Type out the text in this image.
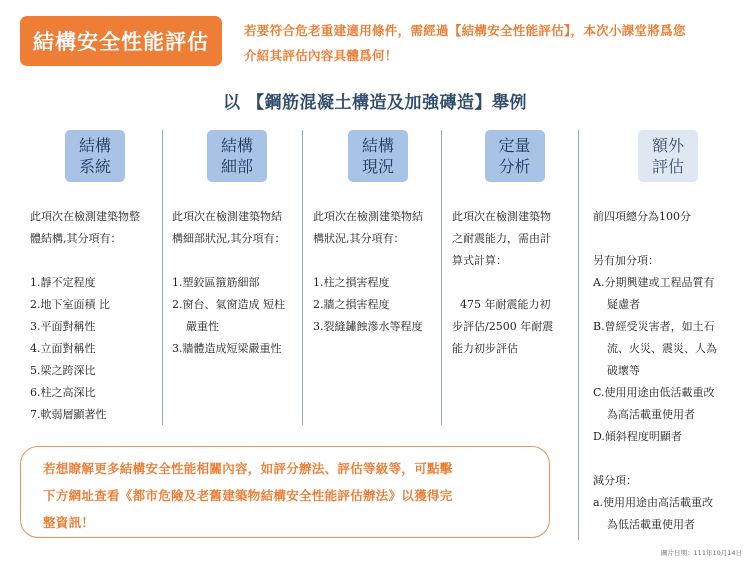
結構安全性能評估	若要符合危老重建適用條件，需經過【結構安全性能評估】，本次小課堂將爲您
介紹其評估內容具體爲何！
以 【鋼筋混凝土構造及加強磚造】舉例
結構
系統
此項次在檢測建築物整
體結構,其分項有：
1.靜不定程度
2.地下室面積 比
3.平面對稱性
4.立面對稱性
5.梁之跨深比
6.柱之高深比
7.軟弱層顯著性
結構
細部
此項次在檢測建築物結
構細部狀況,其分項有：
1.塑鉸區箍筋細部
2.窗台、氣窗造成 短柱
嚴重性
3.牆體造成短梁嚴重性
結構
現況
此項次在檢測建築物結
構狀況,其分項有：
1.柱之損害程度
2.牆之損害程度
3.裂縫鏽蝕滲水等程度
定量
分析
此項次在檢測建築物
之耐震能力，需由計
算式計算：
475 年耐震能力初
步評估/2500 年耐震
能力初步評估
額外
評估
前四項總分為100分
另有加分項：
A.分期興建或工程品質有
疑慮者
B.曾經受災害者，如土石
流、火災、震災、人為
破壞等
C.使用用途由低活載重改
為高活載重使用者
D.傾斜程度明顯者
減分項：
a.使用用途由高活載重改
為低活載重使用者
若想瞭解更多結構安全性能相關內容，如評分辦法、評估等級等，可點擊
下方網址查看《都市危險及老舊建築物結構安全性能評估辦法》以獲得完
整資訊！
圖片日期：111年10月14日
